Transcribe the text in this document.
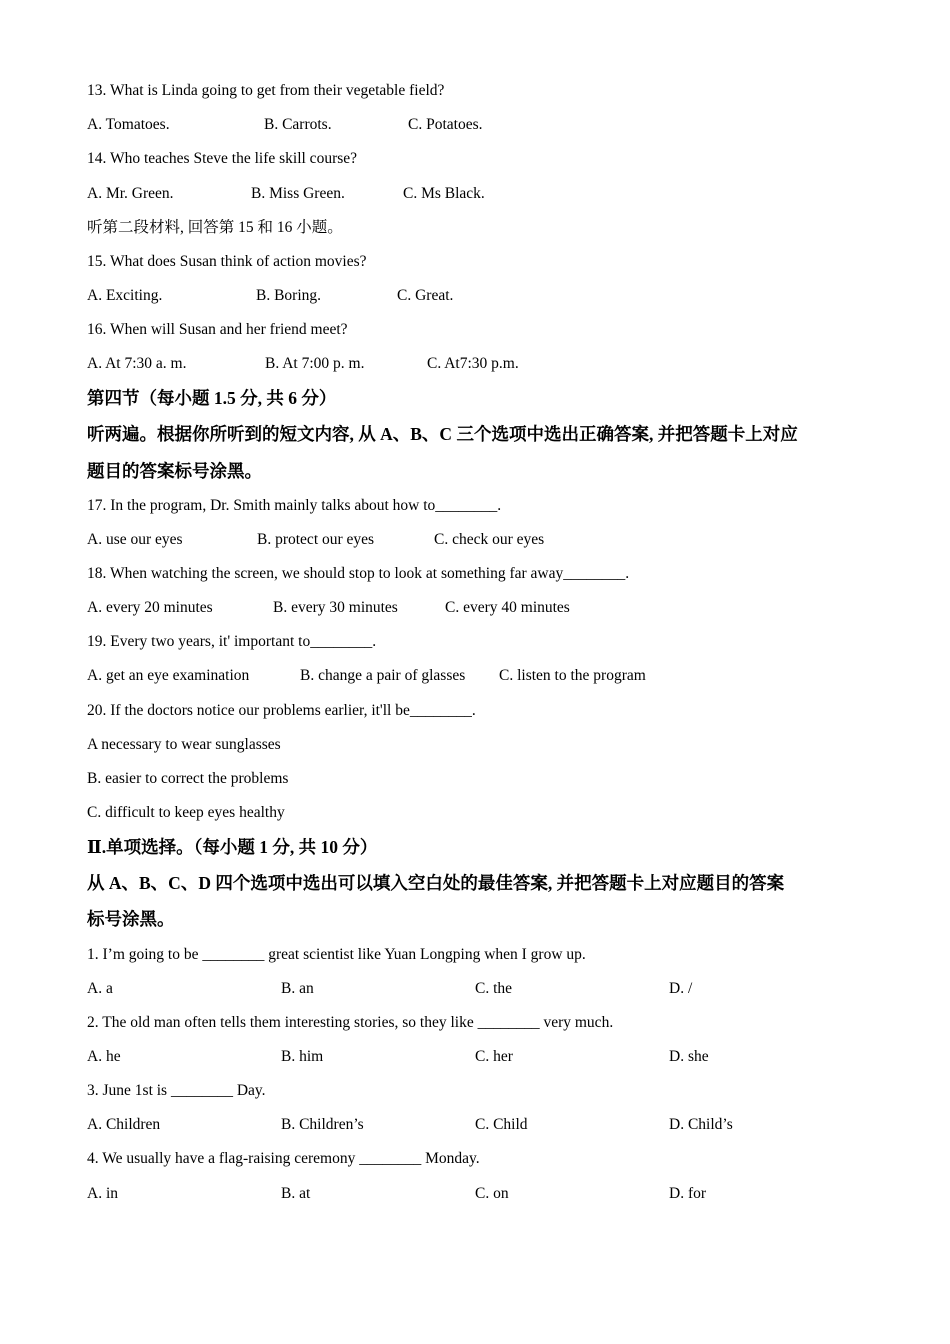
13. What is Linda going to get from their vegetable field?
A. Tomatoes.	B. Carrots.	C. Potatoes.
14. Who teaches Steve the life skill course?
A. Mr. Green.	B. Miss Green.	C. Ms Black.
听第二段材料, 回答第 15 和 16 小题。
15. What does Susan think of action movies?
A. Exciting.	B. Boring.	C. Great.
16. When will Susan and her friend meet?
A. At 7:30 a. m.	B. At 7:00 p. m.	C. At7:30 p.m.
第四节（每小题 1.5 分, 共 6 分）
听两遍。根据你所听到的短文内容, 从 A、B、C 三个选项中选出正确答案, 并把答题卡上对应
题目的答案标号涂黑。
17. In the program, Dr. Smith mainly talks about how to________.
A. use our eyes	B. protect our eyes	C. check our eyes
18. When watching the screen, we should stop to look at something far away________.
A. every 20 minutes	B. every 30 minutes	C. every 40 minutes
19. Every two years, it' important to________.
A. get an eye examination	B. change a pair of glasses C. listen to the program
20. If the doctors notice our problems earlier, it'll be________.
A necessary to wear sunglasses
B. easier to correct the problems
C. difficult to keep eyes healthy
Ⅱ.单项选择。（每小题 1 分, 共 10 分）
从 A、B、C、D 四个选项中选出可以填入空白处的最佳答案, 并把答题卡上对应题目的答案
标号涂黑。
1. I’m going to be ________ great scientist like Yuan Longping when I grow up.
A. a	B. an	C. the	D. /
2. The old man often tells them interesting stories, so they like ________ very much.
A. he	B. him	C. her	D. she
3. June 1st is ________ Day.
A. Children	B. Children’s	C. Child	D. Child’s
4. We usually have a flag-raising ceremony ________ Monday.
A. in	B. at	C. on	D. for
